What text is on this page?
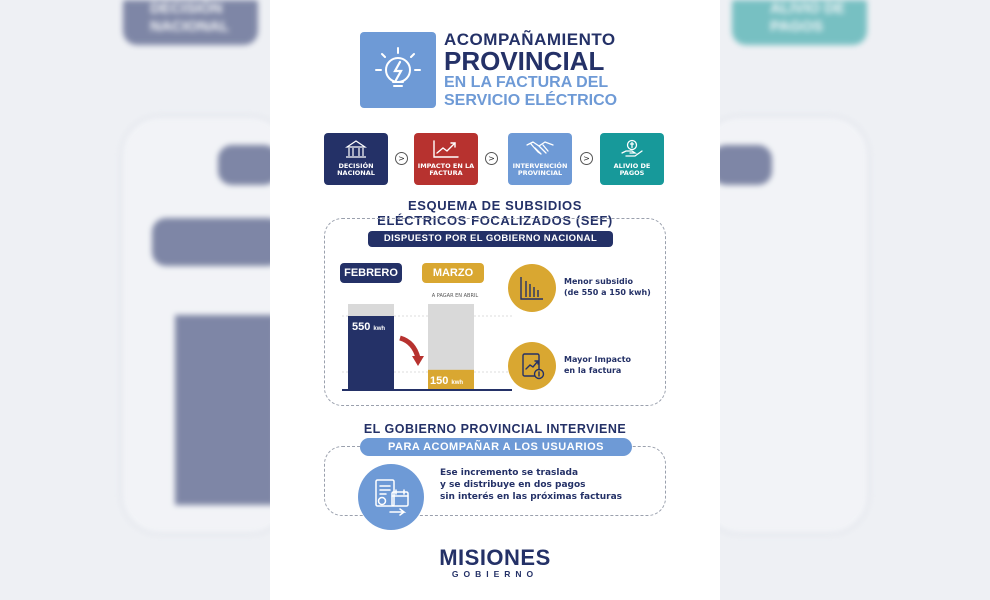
DECISIÓN NACIONAL
ALIVIO DE PAGOS
ACOMPAÑAMIENTO
PROVINCIAL
EN LA FACTURA DEL
SERVICIO ELÉCTRICO
DECISIÓN NACIONAL
>
IMPACTO EN LA FACTURA
>
INTERVENCIÓN PROVINCIAL
>
ALIVIO DE PAGOS
ESQUEMA DE SUBSIDIOS
ELÉCTRICOS FOCALIZADOS (SEF)
DISPUESTO POR EL GOBIERNO NACIONAL
FEBRERO	MARZO
A PAGAR EN ABRIL
550 kwh
150 kwh
Menor subsidio
(de 550 a 150 kwh)
Mayor Impacto
en la factura
EL GOBIERNO PROVINCIAL INTERVIENE
PARA ACOMPAÑAR A LOS USUARIOS
Ese incremento se traslada
y se distribuye en dos pagos
sin interés en las próximas facturas
MISIONES
GOBIERNO
